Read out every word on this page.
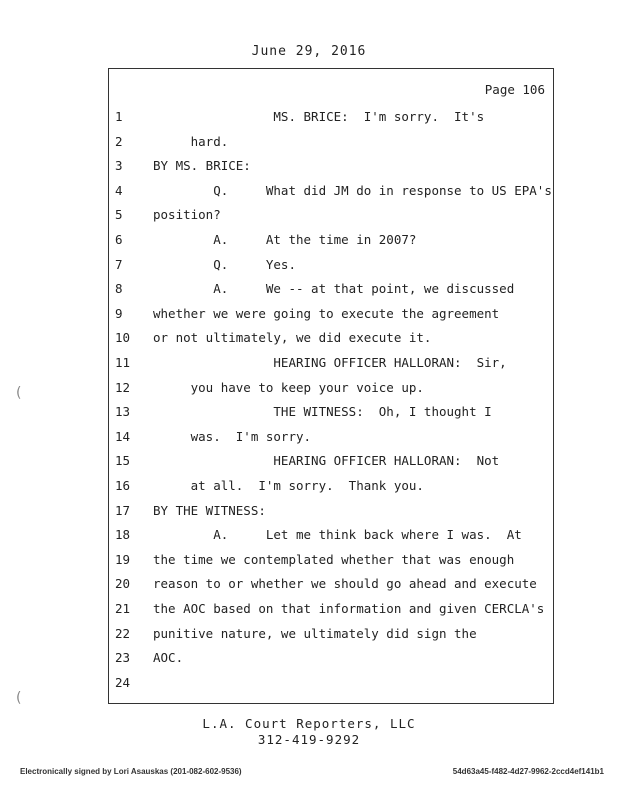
June 29, 2016
Page 106
1	MS. BRICE:  I'm sorry.  It's
2	hard.
3	BY MS. BRICE:
4	Q.     What did JM do in response to US EPA's
5	position?
6	A.     At the time in 2007?
7	Q.     Yes.
8	A.     We -- at that point, we discussed
9	whether we were going to execute the agreement
10	or not ultimately, we did execute it.
11	HEARING OFFICER HALLORAN:  Sir,
12	you have to keep your voice up.
13	THE WITNESS:  Oh, I thought I
14	was.  I'm sorry.
15	HEARING OFFICER HALLORAN:  Not
16	at all.  I'm sorry.  Thank you.
17	BY THE WITNESS:
18	A.     Let me think back where I was.  At
19	the time we contemplated whether that was enough
20	reason to or whether we should go ahead and execute
21	the AOC based on that information and given CERCLA's
22	punitive nature, we ultimately did sign the
23	AOC.
24
L.A. Court Reporters, LLC
312-419-9292
Electronically signed by Lori Asauskas (201-082-602-9536)	54d63a45-f482-4d27-9962-2ccd4ef141b1
(
(
